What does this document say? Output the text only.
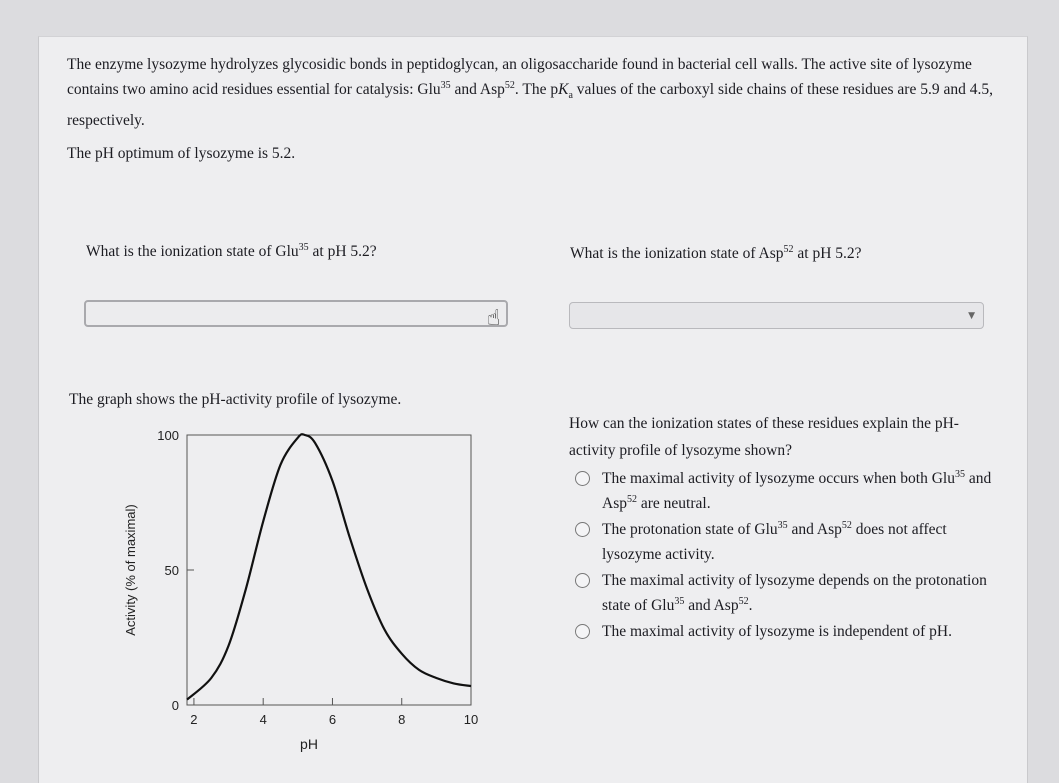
The enzyme lysozyme hydrolyzes glycosidic bonds in peptidoglycan, an oligosaccharide found in bacterial cell walls. The active site of lysozyme contains two amino acid residues essential for catalysis: Glu$^{35}$ and Asp$^{52}$. The $pK_a$ values of the carboxyl side chains of these residues are 5.9 and 4.5, respectively.

The pH optimum of lysozyme is 5.2.

What is the ionization state of Glu$^{35}$ at pH 5.2?
☝
What is the ionization state of Asp$^{52}$ at pH 5.2?
▼
The graph shows the pH-activity profile of lysozyme.
2	4	6	8	10
0
50
100
pH
Activity (% of maximal)
How can the ionization states of these residues explain the pH-activity profile of lysozyme shown?
The maximal activity of lysozyme occurs when both Glu$^{35}$ and Asp$^{52}$ are neutral.
The protonation state of Glu$^{35}$ and Asp$^{52}$ does not affect lysozyme activity.
The maximal activity of lysozyme depends on the protonation state of Glu$^{35}$ and Asp$^{52}$.
The maximal activity of lysozyme is independent of pH.
